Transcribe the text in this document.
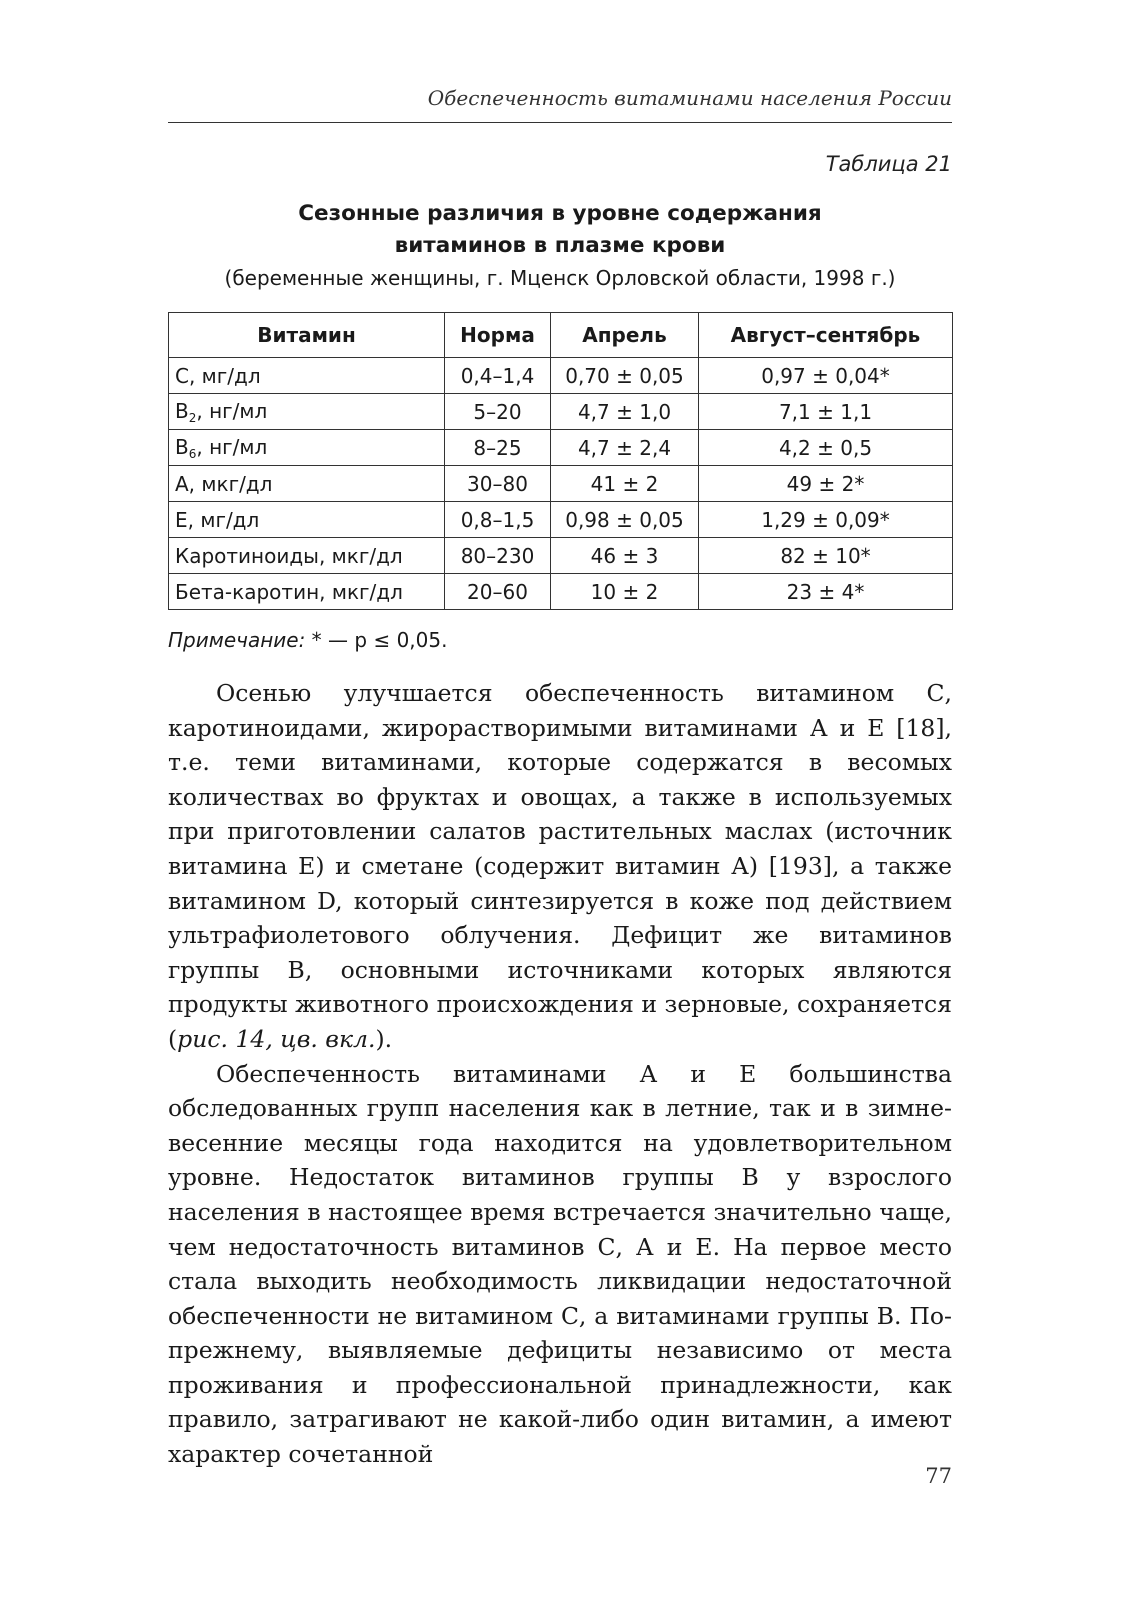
Обеспеченность витаминами населения России
Таблица 21
Сезонные различия в уровне содержания
витаминов в плазме крови
(беременные женщины, г. Мценск Орловской области, 1998 г.)
Витамин	Норма	Апрель	Август–сентябрь
C, мг/дл	0,4–1,4	0,70 ± 0,05	0,97 ± 0,04*
$B_2$, нг/мл	5–20	4,7 ± 1,0	7,1 ± 1,1
$B_6$, нг/мл	8–25	4,7 ± 2,4	4,2 ± 0,5
A, мкг/дл	30–80	41 ± 2	49 ± 2*
E, мг/дл	0,8–1,5	0,98 ± 0,05	1,29 ± 0,09*
Каротиноиды, мкг/дл	80–230	46 ± 3	82 ± 10*
Бета-каротин, мкг/дл	20–60	10 ± 2	23 ± 4*
Примечание: * — p ≤ 0,05.

Осенью улучшается обеспеченность витамином С, каротиноидами, жирорастворимыми витаминами А и Е [18], т.е. теми витаминами, которые содержатся в весомых количествах во фруктах и овощах, а также в используемых при приготовлении салатов растительных маслах (источник витамина Е) и сметане (содержит витамин А) [193], а также витамином D, который синтезируется в коже под действием ультрафиолетового облучения. Дефицит же витаминов группы В, основными источниками которых являются продукты животного происхождения и зерновые, сохраняется (рис. 14, цв. вкл.).

Обеспеченность витаминами А и Е большинства обследованных групп населения как в летние, так и в зимне-весенние месяцы года находится на удовлетворительном уровне. Недостаток витаминов группы В у взрослого населения в настоящее время встречается значительно чаще, чем недостаточность витаминов С, А и Е. На первое место стала выходить необходимость ликвидации недостаточной обеспеченности не витамином С, а витаминами группы В. По-прежнему, выявляемые дефициты независимо от места проживания и профессиональной принадлежности, как правило, затрагивают не какой-либо один витамин, а имеют характер сочетанной

77
